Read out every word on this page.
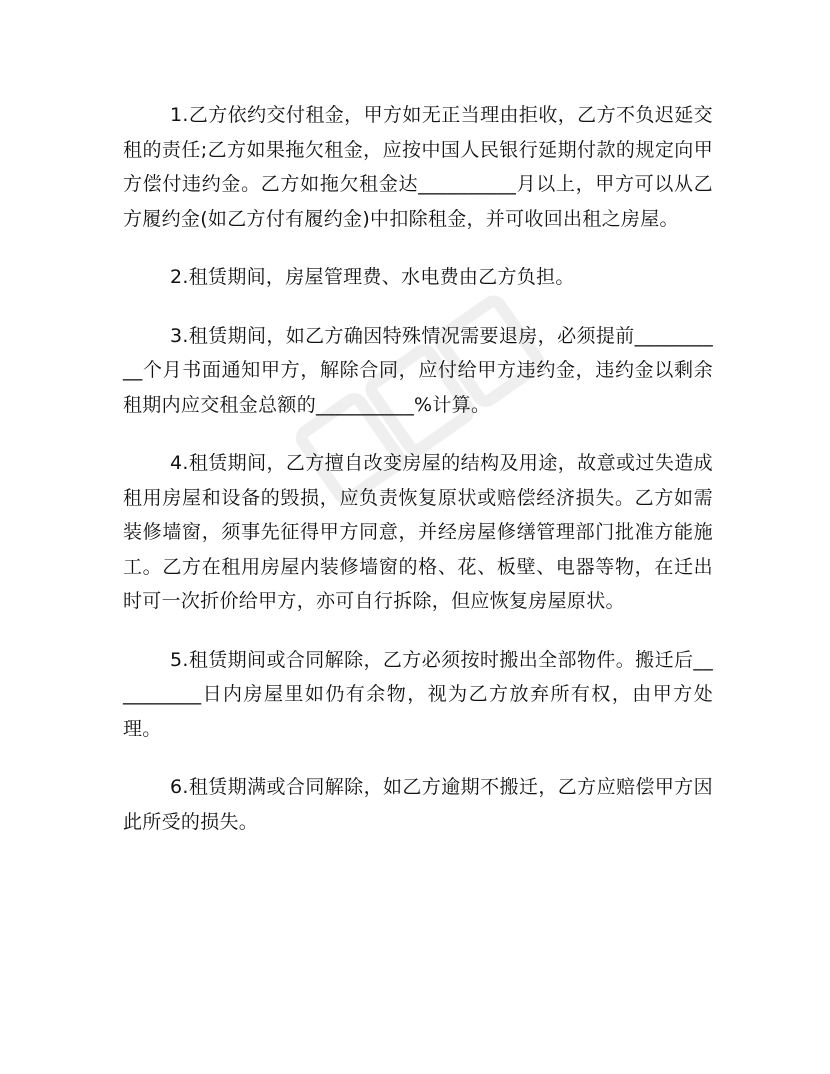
1.乙方依约交付租金，甲方如无正当理由拒收，乙方不负迟延交租的责任;乙方如果拖欠租金，应按中国人民银行延期付款的规定向甲方偿付违约金。乙方如拖欠租金达__________月以上，甲方可以从乙方履约金(如乙方付有履约金)中扣除租金，并可收回出租之房屋。

2.租赁期间，房屋管理费、水电费由乙方负担。

3.租赁期间，如乙方确因特殊情况需要退房，必须提前__________个月书面通知甲方，解除合同，应付给甲方违约金，违约金以剩余租期内应交租金总额的__________%计算。

4.租赁期间，乙方擅自改变房屋的结构及用途，故意或过失造成租用房屋和设备的毁损，应负责恢复原状或赔偿经济损失。乙方如需装修墙窗，须事先征得甲方同意，并经房屋修缮管理部门批准方能施工。乙方在租用房屋内装修墙窗的格、花、板壁、电器等物，在迁出时可一次折价给甲方，亦可自行拆除，但应恢复房屋原状。

5.租赁期间或合同解除，乙方必须按时搬出全部物件。搬迁后__________日内房屋里如仍有余物，视为乙方放弃所有权，由甲方处理。

6.租赁期满或合同解除，如乙方逾期不搬迁，乙方应赔偿甲方因此所受的损失。
